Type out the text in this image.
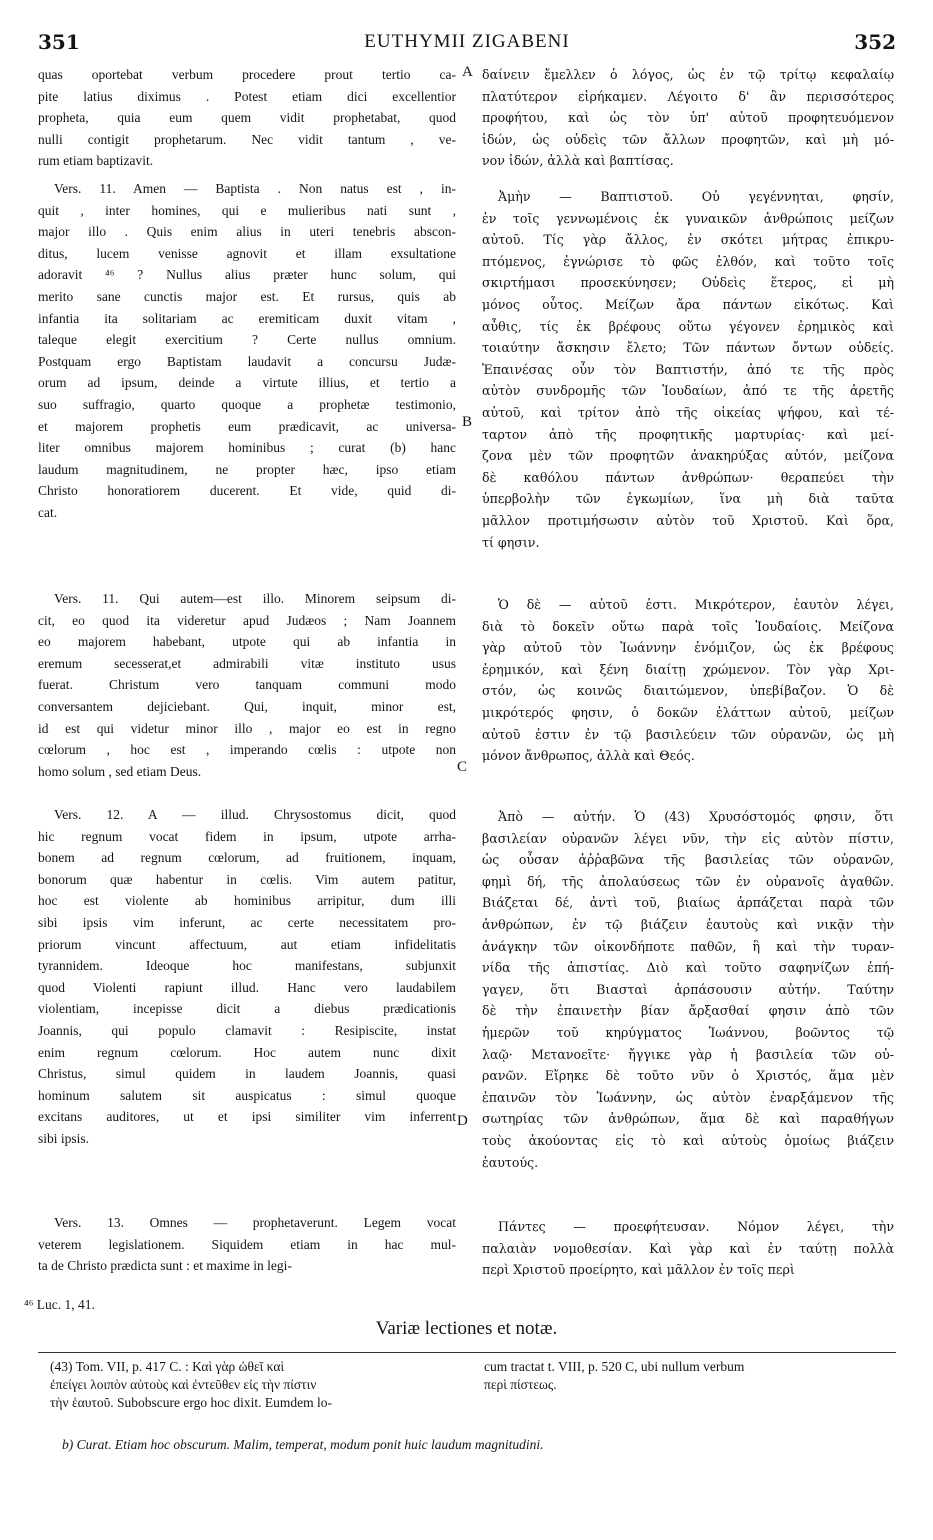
351	EUTHYMII ZIGABENI	352
quas oportebat verbum procedere prout tertio ca-
pite latius diximus . Potest etiam dici excellentior
propheta, quia eum quem vidit prophetabat, quod
nulli contigit prophetarum. Nec vidit tantum , ve-
rum etiam baptizavit.
Vers. 11. Amen — Baptista . Non natus est , in-
quit , inter homines, qui e mulieribus nati sunt ,
major illo . Quis enim alius in uteri tenebris abscon-
ditus, lucem venisse agnovit et illam exsultatione
adoravit ⁴⁶ ? Nullus alius præter hunc solum, qui
merito sane cunctis major est. Et rursus, quis ab
infantia ita solitariam ac eremiticam duxit vitam ,
taleque elegit exercitium ? Certe nullus omnium.
Postquam ergo Baptistam laudavit a concursu Judæ-
orum ad ipsum, deinde a virtute illius, et tertio a
suo suffragio, quarto quoque a prophetæ testimonio,
et majorem prophetis eum prædicavit, ac universa-
liter omnibus majorem hominibus ; curat (b) hanc
laudum magnitudinem, ne propter hæc, ipso etiam
Christo honoratiorem ducerent. Et vide, quid di-
cat.
Vers. 11. Qui autem—est illo. Minorem seipsum di-
cit, eo quod ita videretur apud Judæos ; Nam Joannem
eo majorem habebant, utpote qui ab infantia in
eremum secesserat,et admirabili vitæ instituto usus
fuerat. Christum vero tanquam communi modo
conversantem dejiciebant. Qui, inquit, minor est,
id est qui videtur minor illo , major eo est in regno
cœlorum , hoc est , imperando cœlis : utpote non
homo solum , sed etiam Deus.
Vers. 12. A — illud. Chrysostomus dicit, quod
hic regnum vocat fidem in ipsum, utpote arrha-
bonem ad regnum cœlorum, ad fruitionem, inquam,
bonorum quæ habentur in cœlis. Vim autem patitur,
hoc est violente ab hominibus arripitur, dum illi
sibi ipsis vim inferunt, ac certe necessitatem pro-
priorum vincunt affectuum, aut etiam infidelitatis
tyrannidem. Ideoque hoc manifestans, subjunxit
quod Violenti rapiunt illud. Hanc vero laudabilem
violentiam, incepisse dicit a diebus prædicationis
Joannis, qui populo clamavit : Resipiscite, instat
enim regnum cœlorum. Hoc autem nunc dixit
Christus, simul quidem in laudem Joannis, quasi
hominum salutem sit auspicatus : simul quoque
excitans auditores, ut et ipsi similiter vim inferrent
sibi ipsis.
Vers. 13. Omnes — prophetaverunt. Legem vocat
veterem legislationem. Siquidem etiam in hac mul-
ta de Christo prædicta sunt : et maxime in legi-
A
B
C
D
δαίνειν ἔμελλεν ὁ λόγος, ὡς ἐν τῷ τρίτῳ κεφαλαίῳ
πλατύτερον εἰρήκαμεν. Λέγοιτο δ' ἂν περισσότερος
προφήτου, καὶ ὡς τὸν ὑπ' αὐτοῦ προφητευόμενον
ἰδών, ὡς οὐδεὶς τῶν ἄλλων προφητῶν, καὶ μὴ μό-
νον ἰδών, ἀλλὰ καὶ βαπτίσας.
Ἀμὴν — Βαπτιστοῦ. Οὐ γεγέννηται, φησίν,
ἐν τοῖς γεννωμένοις ἐκ γυναικῶν ἀνθρώποις μείζων
αὐτοῦ. Τίς γὰρ ἄλλος, ἐν σκότει μήτρας ἐπικρυ-
πτόμενος, ἐγνώρισε τὸ φῶς ἐλθόν, καὶ τοῦτο τοῖς
σκιρτήμασι προσεκύνησεν; Οὐδεὶς ἕτερος, εἰ μὴ
μόνος οὗτος. Μείζων ἄρα πάντων εἰκότως. Καὶ
αὖθις, τίς ἐκ βρέφους οὕτω γέγονεν ἐρημικὸς καὶ
τοιαύτην ἄσκησιν ἔλετο; Τῶν πάντων ὄντων οὐδείς.
Ἐπαινέσας οὖν τὸν Βαπτιστήν, ἀπό τε τῆς πρὸς
αὐτὸν συνδρομῆς τῶν Ἰουδαίων, ἀπό τε τῆς ἀρετῆς
αὐτοῦ, καὶ τρίτον ἀπὸ τῆς οἰκείας ψήφου, καὶ τέ-
ταρτον ἀπὸ τῆς προφητικῆς μαρτυρίας· καὶ μεί-
ζονα μὲν τῶν προφητῶν ἀνακηρύξας αὐτόν, μείζονα
δὲ καθόλου πάντων ἀνθρώπων· θεραπεύει τὴν
ὑπερβολὴν τῶν ἐγκωμίων, ἵνα μὴ διὰ ταῦτα
μᾶλλον προτιμήσωσιν αὐτὸν τοῦ Χριστοῦ. Καὶ ὅρα,
τί φησιν.
Ὁ δὲ — αὐτοῦ ἐστι. Μικρότερον, ἑαυτὸν λέγει,
διὰ τὸ δοκεῖν οὕτω παρὰ τοῖς Ἰουδαίοις. Μείζονα
γὰρ αὐτοῦ τὸν Ἰωάννην ἐνόμιζον, ὡς ἐκ βρέφους
ἐρημικόν, καὶ ξένη διαίτῃ χρώμενον. Τὸν γὰρ Χρι-
στόν, ὡς κοινῶς διαιτώμενον, ὑπεβίβαζον. Ὁ δὲ
μικρότερός φησιν, ὁ δοκῶν ἐλάττων αὐτοῦ, μείζων
αὐτοῦ ἐστιν ἐν τῷ βασιλεύειν τῶν οὐρανῶν, ὡς μὴ
μόνον ἄνθρωπος, ἀλλὰ καὶ Θεός.
Ἀπὸ — αὐτήν. Ὁ (43) Χρυσόστομός φησιν, ὅτι
βασιλείαν οὐρανῶν λέγει νῦν, τὴν εἰς αὐτὸν πίστιν,
ὡς οὖσαν ἀῤῥαβῶνα τῆς βασιλείας τῶν οὐρανῶν,
φημὶ δή, τῆς ἀπολαύσεως τῶν ἐν οὐρανοῖς ἀγαθῶν.
Βιάζεται δέ, ἀντὶ τοῦ, βιαίως ἁρπάζεται παρὰ τῶν
ἀνθρώπων, ἐν τῷ βιάζειν ἑαυτοὺς καὶ νικᾷν τὴν
ἀνάγκην τῶν οἰκονδήποτε παθῶν, ἢ καὶ τὴν τυραν-
νίδα τῆς ἀπιστίας. Διὸ καὶ τοῦτο σαφηνίζων ἐπή-
γαγεν, ὅτι Βιασταὶ ἁρπάσουσιν αὐτήν. Ταύτην
δὲ τὴν ἐπαινετὴν βίαν ἄρξασθαί φησιν ἀπὸ τῶν
ἡμερῶν τοῦ κηρύγματος Ἰωάννου, βοῶντος τῷ
λαῷ· Μετανοεῖτε· ἤγγικε γὰρ ἡ βασιλεία τῶν οὐ-
ρανῶν. Εἴρηκε δὲ τοῦτο νῦν ὁ Χριστός, ἅμα μὲν
ἐπαινῶν τὸν Ἰωάννην, ὡς αὐτὸν ἐναρξάμενον τῆς
σωτηρίας τῶν ἀνθρώπων, ἅμα δὲ καὶ παραθήγων
τοὺς ἀκούοντας εἰς τὸ καὶ αὐτοὺς ὁμοίως βιάζειν
ἑαυτούς.
Πάντες — προεφήτευσαν. Νόμον λέγει, τὴν
παλαιὰν νομοθεσίαν. Καὶ γὰρ καὶ ἐν ταύτῃ πολλὰ
περὶ Χριστοῦ προείρητο, καὶ μᾶλλον ἐν τοῖς περὶ
⁴⁶ Luc. 1, 41.
Variæ lectiones et notæ.
(43) Tom. VII, p. 417 C. : Καὶ γὰρ ὠθεῖ καὶ
ἐπείγει λοιπὸν αὐτοὺς καὶ ἐντεῦθεν εἰς τὴν πίστιν
τὴν ἑαυτοῦ. Subobscure ergo hoc dixit. Eumdem lo-
cum tractat t. VIII, p. 520 C, ubi nullum verbum
περὶ πίστεως.
b) Curat. Etiam hoc obscurum. Malim, temperat, modum ponit huic laudum magnitudini.
